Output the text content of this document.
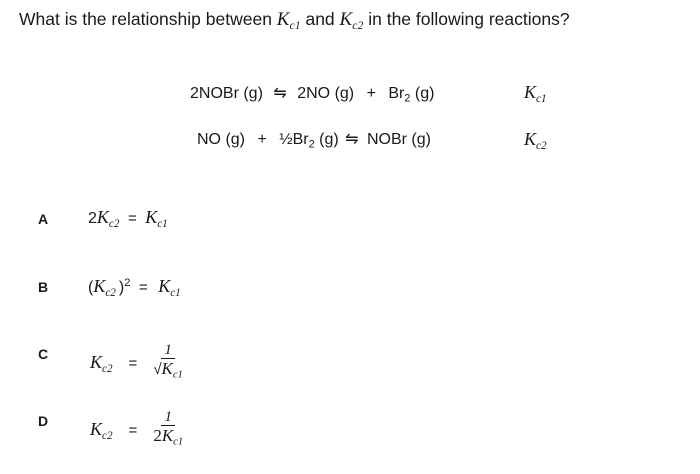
What is the relationship between $K_{c1}$ and $K_{c2}$ in the following reactions?
2NOBr (g) ⇋ 2NO $(g) + Br_2$ (g)	$K_{c1}$
NO $(g) + \frac{1}{2}Br_2$ (g) ⇋ NOBr (g)	$K_{c2}$
A $2K_{c2} = K_{c1}$
B ($K_{c2}$ )$^2 = K_{c1}$
C $K_{c2} = \frac{1}{√K_{c1}}$
D $K_{c2} = \frac{1}{2K_{c1}}$
